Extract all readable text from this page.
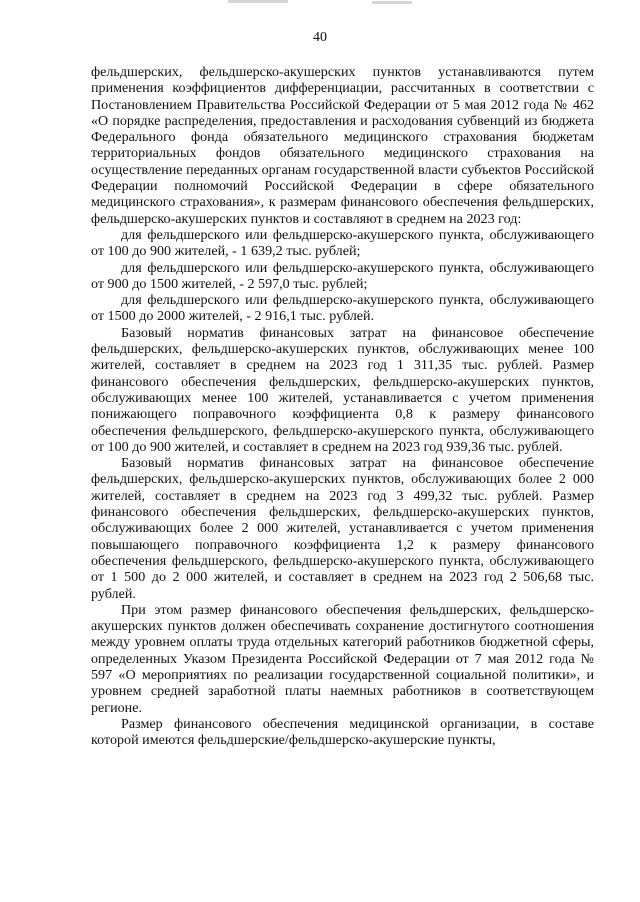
40

фельдшерских, фельдшерско-акушерских пунктов устанавливаются путем применения коэффициентов дифференциации, рассчитанных в соответствии с Постановлением Правительства Российской Федерации от 5 мая 2012 года № 462 «О порядке распределения, предоставления и расходования субвенций из бюджета Федерального фонда обязательного медицинского страхования бюджетам территориальных фондов обязательного медицинского страхования на осуществление переданных органам государственной власти субъектов Российской Федерации полномочий Российской Федерации в сфере обязательного медицинского страхования», к размерам финансового обеспечения фельдшерских, фельдшерско-акушерских пунктов и составляют в среднем на 2023 год:

для фельдшерского или фельдшерско-акушерского пункта, обслуживающего от 100 до 900 жителей, - 1 639,2 тыс. рублей;

для фельдшерского или фельдшерско-акушерского пункта, обслуживающего от 900 до 1500 жителей, - 2 597,0 тыс. рублей;

для фельдшерского или фельдшерско-акушерского пункта, обслуживающего от 1500 до 2000 жителей, - 2 916,1 тыс. рублей.

Базовый норматив финансовых затрат на финансовое обеспечение фельдшерских, фельдшерско-акушерских пунктов, обслуживающих менее 100 жителей, составляет в среднем на 2023 год 1 311,35 тыс. рублей. Размер финансового обеспечения фельдшерских, фельдшерско-акушерских пунктов, обслуживающих менее 100 жителей, устанавливается с учетом применения понижающего поправочного коэффициента 0,8 к размеру финансового обеспечения фельдшерского, фельдшерско-акушерского пункта, обслуживающего от 100 до 900 жителей, и составляет в среднем на 2023 год 939,36 тыс. рублей.

Базовый норматив финансовых затрат на финансовое обеспечение фельдшерских, фельдшерско-акушерских пунктов, обслуживающих более 2 000 жителей, составляет в среднем на 2023 год 3 499,32 тыс. рублей. Размер финансового обеспечения фельдшерских, фельдшерско-акушерских пунктов, обслуживающих более 2 000 жителей, устанавливается с учетом применения повышающего поправочного коэффициента 1,2 к размеру финансового обеспечения фельдшерского, фельдшерско-акушерского пункта, обслуживающего от 1 500 до 2 000 жителей, и составляет в среднем на 2023 год 2 506,68 тыс. рублей.

При этом размер финансового обеспечения фельдшерских, фельдшерско-акушерских пунктов должен обеспечивать сохранение достигнутого соотношения между уровнем оплаты труда отдельных категорий работников бюджетной сферы, определенных Указом Президента Российской Федерации от 7 мая 2012 года № 597 «О мероприятиях по реализации государственной социальной политики», и уровнем средней заработной платы наемных работников в соответствующем регионе.

Размер финансового обеспечения медицинской организации, в составе которой имеются фельдшерские/фельдшерско-акушерские пункты,
